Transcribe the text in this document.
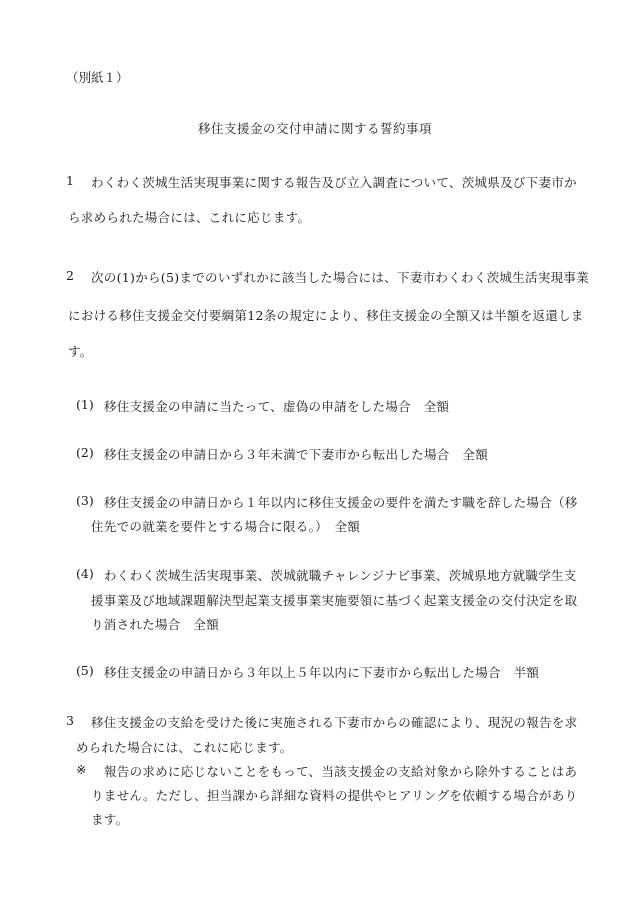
（別紙１）
移住支援金の交付申請に関する誓約事項
1 わくわく茨城生活実現事業に関する報告及び立入調査について、茨城県及び下妻市か
ら求められた場合には、これに応じます。
2 次の(1)から(5)までのいずれかに該当した場合には、下妻市わくわく茨城生活実現事業
における移住支援金交付要綱第12条の規定により、移住支援金の全額又は半額を返還しま
す。
(1) 移住支援金の申請に当たって、虚偽の申請をした場合　全額
(2) 移住支援金の申請日から３年未満で下妻市から転出した場合　全額
(3) 移住支援金の申請日から１年以内に移住支援金の要件を満たす職を辞した場合（移
住先での就業を要件とする場合に限る。）　全額
(4) わくわく茨城生活実現事業、茨城就職チャレンジナビ事業、茨城県地方就職学生支
援事業及び地域課題解決型起業支援事業実施要領に基づく起業支援金の交付決定を取
り消された場合　全額
(5) 移住支援金の申請日から３年以上５年以内に下妻市から転出した場合　半額
3 移住支援金の支給を受けた後に実施される下妻市からの確認により、現況の報告を求
められた場合には、これに応じます。
※ 報告の求めに応じないことをもって、当該支援金の支給対象から除外することはあ
りません。ただし、担当課から詳細な資料の提供やヒアリングを依頼する場合があり
ます。
